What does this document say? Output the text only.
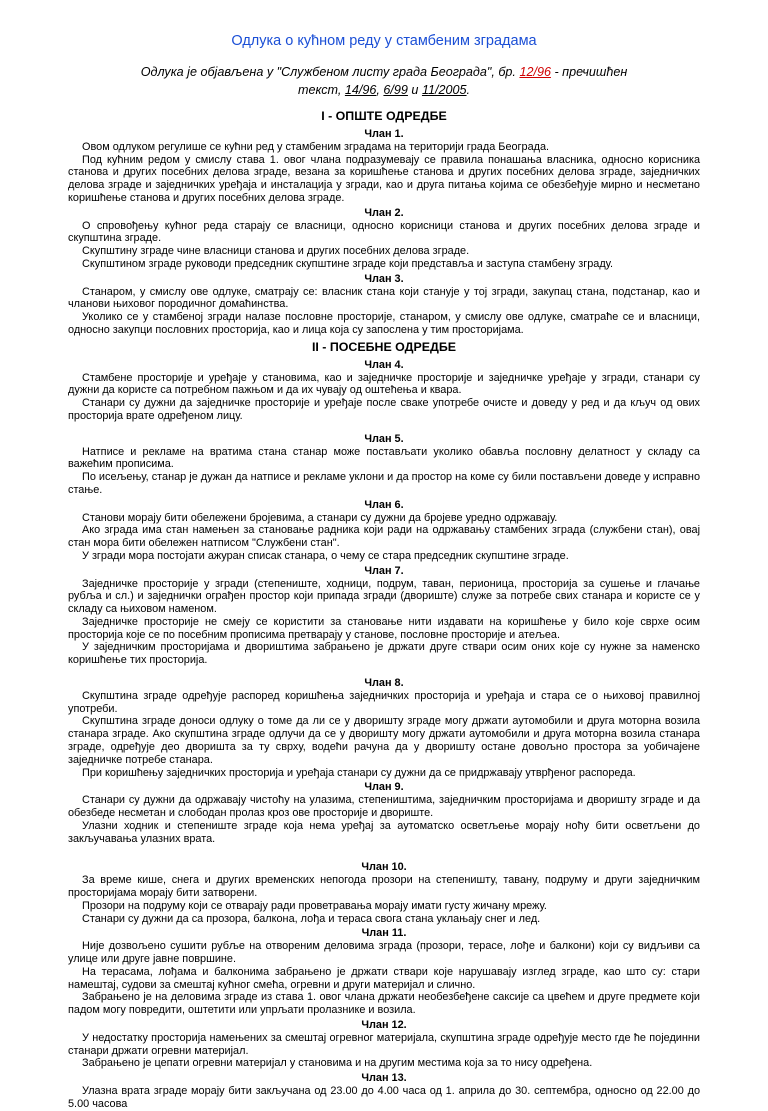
Одлука о кућном реду у стамбеним зградама
Одлука је објављена у "Службеном листу града Београда", бр. 12/96 - пречишћен текст, 14/96, 6/99 и 11/2005.
I - ОПШТЕ ОДРЕДБЕ
Члан 1.

Овом одлуком регулише се кућни ред у стамбеним зградама на територији града Београда.

Под кућним редом у смислу става 1. овог члана подразумевају се правила понашања власника, односно корисника станова и других посебних делова зграде, везана за коришћење станова и других посебних делова зграде, заједничких делова зграде и заједничких уређаја и инсталација у згради, као и друга питања којима се обезбеђује мирно и несметано коришћење станова и других посебних делова зграде.

Члан 2.

О спровођењу кућног реда старају се власници, односно корисници станова и других посебних делова зграде и скупштина зграде.

Скупштину зграде чине власници станова и других посебних делова зграде.

Скупштином зграде руководи председник скупштине зграде који представља и заступа стамбену зграду.

Члан 3.

Станаром, у смислу ове одлуке, сматрају се: власник стана који станује у тој згради, закупац стана, подстанар, као и чланови њиховог породичног домаћинства.

Уколико се у стамбеној згради налазе пословне просторије, станаром, у смислу ове одлуке, сматраће се и власници, односно закупци пословних просторија, као и лица која су запослена у тим просторијама.

II - ПОСЕБНЕ ОДРЕДБЕ
Члан 4.

Стамбене просторије и уређаје у становима, као и заједничке просторије и заједничке уређаје у згради, станари су дужни да користе са потребном пажњом и да их чувају од оштећења и квара.

Станари су дужни да заједничке просторије и уређаје после сваке употребе очисте и доведу у ред и да кључ од ових просторија врате одређеном лицу.

Члан 5.

Натписе и рекламе на вратима стана станар може постављати уколико обавља пословну делатност у складу са важећим прописима.

По исељењу, станар је дужан да натписе и рекламе уклони и да простор на коме су били постављени доведе у исправно стање.

Члан 6.

Станови морају бити обележени бројевима, а станари су дужни да бројеве уредно одржавају.

Ако зграда има стан намењен за становање радника који ради на одржавању стамбених зграда (службени стан), овај стан мора бити обележен натписом "Службени стан".

У згради мора постојати ажуран списак станара, о чему се стара председник скупштине зграде.

Члан 7.

Заједничке просторије у згради (степениште, ходници, подрум, таван, перионица, просторија за сушење и глачање рубља и сл.) и заједнички ограђен простор који припада згради (двориште) служе за потребе свих станара и користе се у складу са њиховом наменом.

Заједничке просторије не смеју се користити за становање нити издавати на коришћење у било које сврхе осим просторија које се по посебним прописима претварају у станове, пословне просторије и атељеа.

У заједничким просторијама и двориштима забрањено је држати друге ствари осим оних које су нужне за наменско коришћење тих просторија.

Члан 8.

Скупштина зграде одређује распоред коришћења заједничких просторија и уређаја и стара се о њиховој правилној употреби.

Скупштина зграде доноси одлуку о томе да ли се у дворишту зграде могу држати аутомобили и друга моторна возила станара зграде. Ако скупштина зграде одлучи да се у дворишту могу држати аутомобили и друга моторна возила станара зграде, одређује део дворишта за ту сврху, водећи рачуна да у дворишту остане довољно простора за уобичајене заједничке потребе станара.

При коришћењу заједничких просторија и уређаја станари су дужни да се придржавају утврђеног распореда.

Члан 9.

Станари су дужни да одржавају чистоћу на улазима, степеништима, заједничким просторијама и дворишту зграде и да обезбеде несметан и слободан пролаз кроз ове просторије и двориште.

Улазни ходник и степениште зграде која нема уређај за аутоматско осветљење морају ноћу бити осветљени до закључавања улазних врата.

Члан 10.

За време кише, снега и других временских непогода прозори на степеништу, тавану, подруму и други заједничким просторијама морају бити затворени.

Прозори на подруму који се отварају ради проветравања морају имати густу жичану мрежу.

Станари су дужни да са прозора, балкона, лођа и тераса свога стана уклањају снег и лед.

Члан 11.

Није дозвољено сушити рубље на отвореним деловима зграда (прозори, терасе, лође и балкони) који су видљиви са улице или друге јавне површине.

На терасама, лођама и балконима забрањено је држати ствари које нарушавају изглед зграде, као што су: стари намештај, судови за смештај кућног смећа, огревни и други материјал и слично.

Забрањено је на деловима зграде из става 1. овог члана држати необезбеђене саксије са цвећем и друге предмете који падом могу повредити, оштетити или упрљати пролазнике и возила.

Члан 12.

У недостатку просторија намењених за смештај огревног материјала, скупштина зграде одређује место где ће појединни станари држати огревни материјал.

Забрањено је цепати огревни материјал у становима и на другим местима која за то нису одређена.

Члан 13.

Улазна врата зграде морају бити закључана од 23.00 до 4.00 часа од 1. априла до 30. септембра, односно од 22.00 до 5.00 часова
